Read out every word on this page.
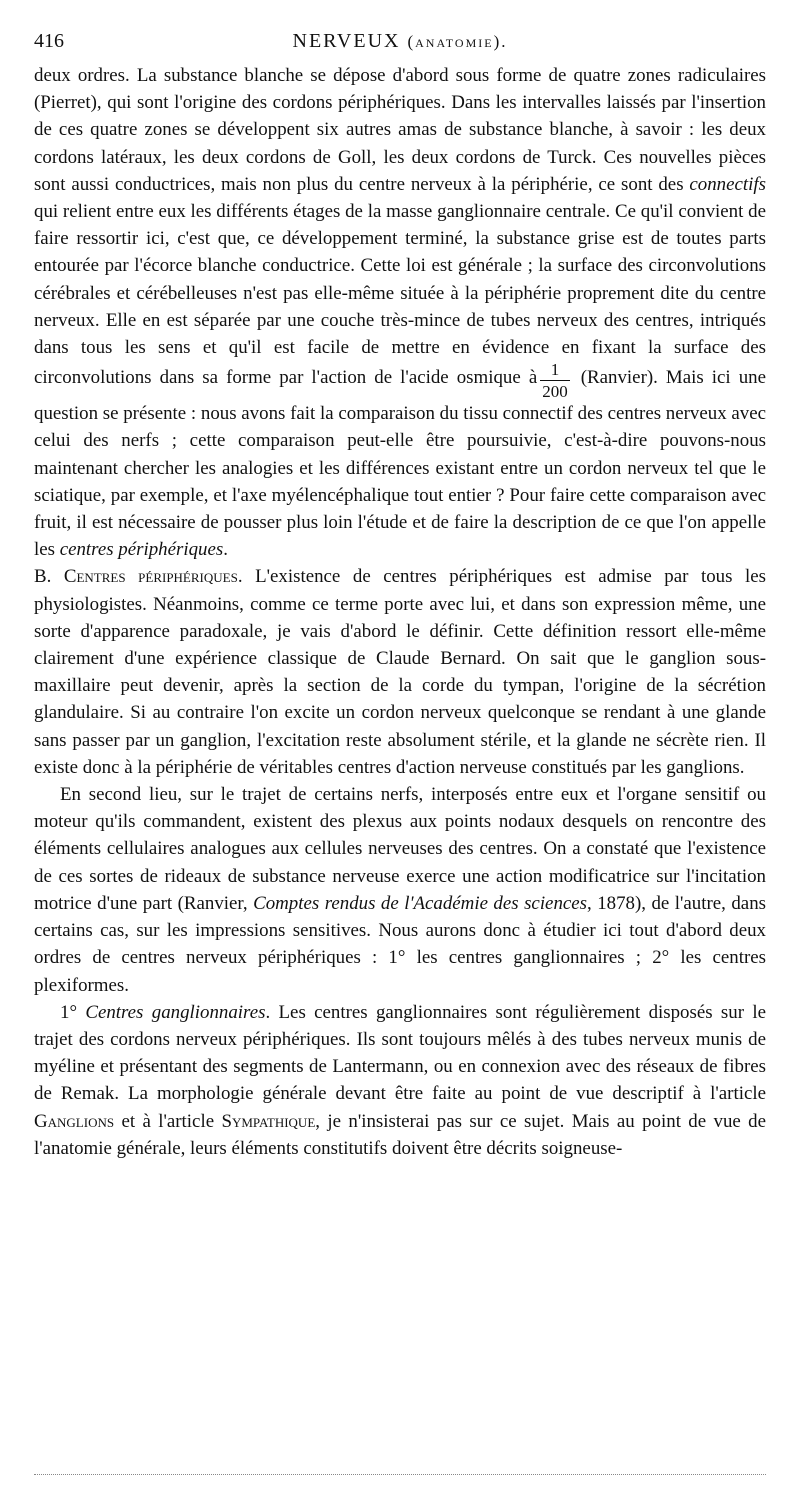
416	NERVEUX (anatomie).

deux ordres. La substance blanche se dépose d'abord sous forme de quatre zones radiculaires (Pierret), qui sont l'origine des cordons périphériques. Dans les intervalles laissés par l'insertion de ces quatre zones se développent six autres amas de substance blanche, à savoir : les deux cordons latéraux, les deux cordons de Goll, les deux cordons de Turck. Ces nouvelles pièces sont aussi conductrices, mais non plus du centre nerveux à la périphérie, ce sont des connectifs qui relient entre eux les différents étages de la masse ganglionnaire centrale. Ce qu'il convient de faire ressortir ici, c'est que, ce développement terminé, la substance grise est de toutes parts entourée par l'écorce blanche conductrice. Cette loi est générale ; la surface des circonvolutions cérébrales et cérébelleuses n'est pas elle-même située à la périphérie proprement dite du centre nerveux. Elle en est séparée par une couche très-mince de tubes nerveux des centres, intriqués dans tous les sens et qu'il est facile de mettre en évidence en fixant la surface des circonvolutions dans sa forme par l'action de l'acide osmique à $\frac{1}{200}$ (Ranvier). Mais ici une question se présente : nous avons fait la comparaison du tissu connectif des centres nerveux avec celui des nerfs ; cette comparaison peut-elle être poursuivie, c'est-à-dire pouvons-nous maintenant chercher les analogies et les différences existant entre un cordon nerveux tel que le sciatique, par exemple, et l'axe myélencéphalique tout entier ? Pour faire cette comparaison avec fruit, il est nécessaire de pousser plus loin l'étude et de faire la description de ce que l'on appelle les centres périphériques.

B. Centres périphériques. L'existence de centres périphériques est admise par tous les physiologistes. Néanmoins, comme ce terme porte avec lui, et dans son expression même, une sorte d'apparence paradoxale, je vais d'abord le définir. Cette définition ressort elle-même clairement d'une expérience classique de Claude Bernard. On sait que le ganglion sous-maxillaire peut devenir, après la section de la corde du tympan, l'origine de la sécrétion glandulaire. Si au contraire l'on excite un cordon nerveux quelconque se rendant à une glande sans passer par un ganglion, l'excitation reste absolument stérile, et la glande ne sécrète rien. Il existe donc à la périphérie de véritables centres d'action nerveuse constitués par les ganglions.

En second lieu, sur le trajet de certains nerfs, interposés entre eux et l'organe sensitif ou moteur qu'ils commandent, existent des plexus aux points nodaux desquels on rencontre des éléments cellulaires analogues aux cellules nerveuses des centres. On a constaté que l'existence de ces sortes de rideaux de substance nerveuse exerce une action modificatrice sur l'incitation motrice d'une part (Ranvier, Comptes rendus de l'Académie des sciences, 1878), de l'autre, dans certains cas, sur les impressions sensitives. Nous aurons donc à étudier ici tout d'abord deux ordres de centres nerveux périphériques : 1° les centres ganglionnaires ; 2° les centres plexiformes.

1° Centres ganglionnaires. Les centres ganglionnaires sont régulièrement disposés sur le trajet des cordons nerveux périphériques. Ils sont toujours mêlés à des tubes nerveux munis de myéline et présentant des segments de Lantermann, ou en connexion avec des réseaux de fibres de Remak. La morphologie générale devant être faite au point de vue descriptif à l'article Ganglions et à l'article Sympathique, je n'insisterai pas sur ce sujet. Mais au point de vue de l'anatomie générale, leurs éléments constitutifs doivent être décrits soigneuse-
